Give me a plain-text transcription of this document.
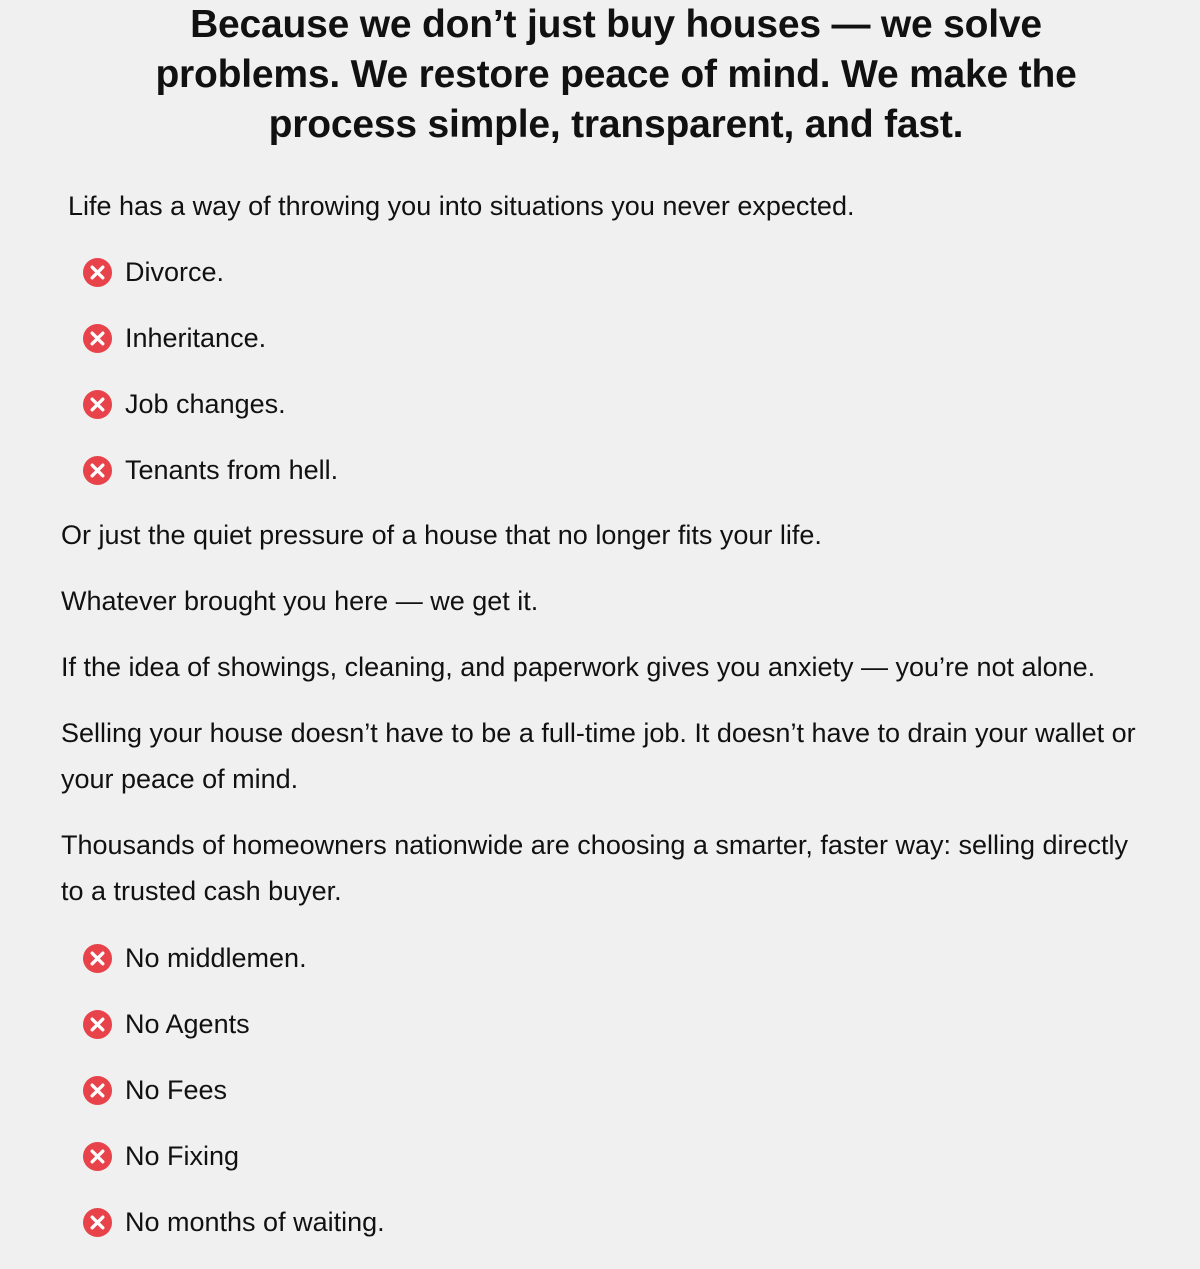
Because we don’t just buy houses — we solve problems. We restore peace of mind. We make the process simple, transparent, and fast.

Life has a way of throwing you into situations you never expected.

Divorce.
Inheritance.
Job changes.
Tenants from hell.

Or just the quiet pressure of a house that no longer fits your life.

Whatever brought you here — we get it.

If the idea of showings, cleaning, and paperwork gives you anxiety — you’re not alone.

Selling your house doesn’t have to be a full-time job. It doesn’t have to drain your wallet or your peace of mind.

Thousands of homeowners nationwide are choosing a smarter, faster way: selling directly to a trusted cash buyer.

No middlemen.
No Agents
No Fees
No Fixing
No months of waiting.
